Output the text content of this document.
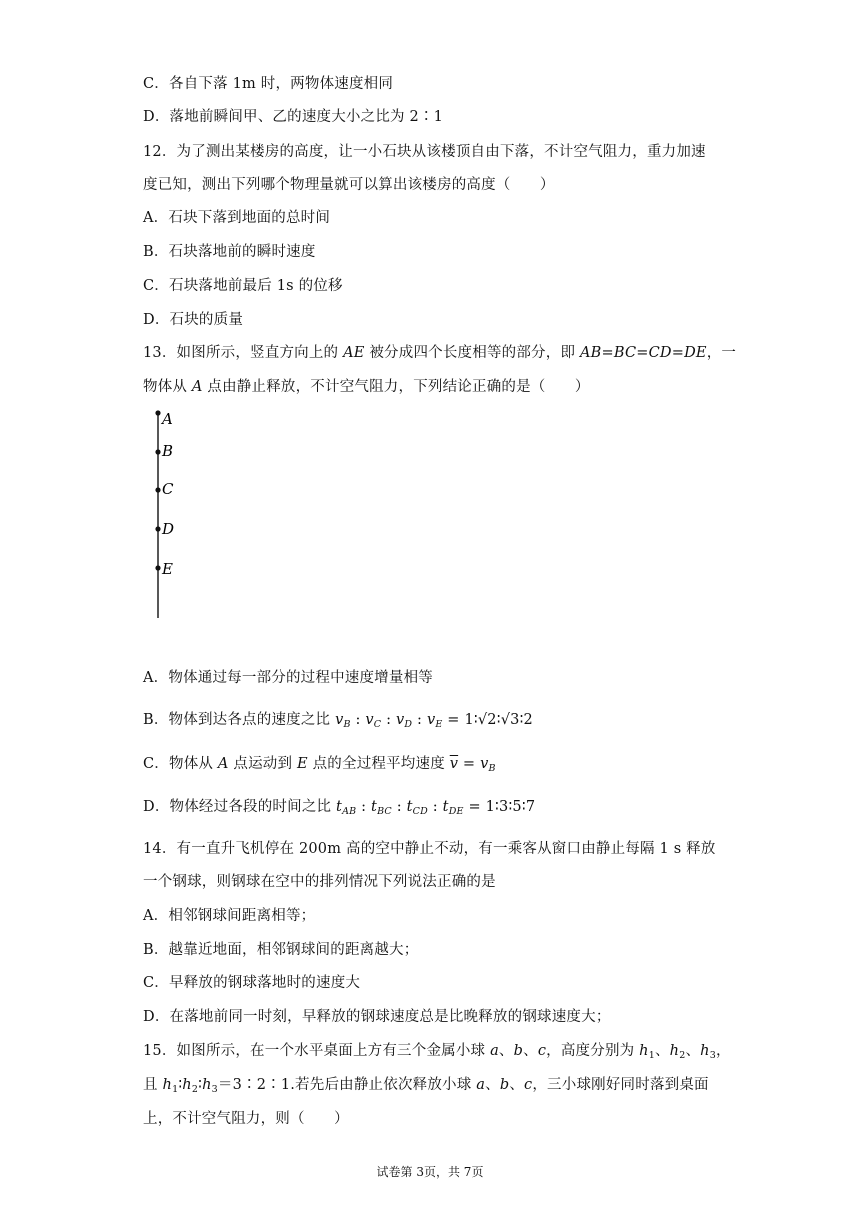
C．各自下落 1m 时，两物体速度相同
D．落地前瞬间甲、乙的速度大小之比为 2∶1
12．为了测出某楼房的高度，让一小石块从该楼顶自由下落，不计空气阻力，重力加速
度已知，测出下列哪个物理量就可以算出该楼房的高度（　　）
A．石块下落到地面的总时间
B．石块落地前的瞬时速度
C．石块落地前最后 1s 的位移
D．石块的质量
13．如图所示，竖直方向上的 AE 被分成四个长度相等的部分，即 AB=BC=CD=DE，一
物体从 A 点由静止释放，不计空气阻力，下列结论正确的是（　　）
A
B
C
D
E
A．物体通过每一部分的过程中速度增量相等
B．物体到达各点的速度之比 $v_B$ : $v_C$ : $v_D$ : $v_E$ = 1∶√2∶√3∶2
C．物体从 A 点运动到 E 点的全过程平均速度 $\overline{v} = v_B$
D．物体经过各段的时间之比 $t_{AB}$ : $t_{BC}$ : $t_{CD}$ : $t_{DE}$ = 1∶3∶5∶7
14．有一直升飞机停在 200m 高的空中静止不动，有一乘客从窗口由静止每隔 1 s 释放
一个钢球，则钢球在空中的排列情况下列说法正确的是
A．相邻钢球间距离相等；
B．越靠近地面，相邻钢球间的距离越大；
C．早释放的钢球落地时的速度大
D．在落地前同一时刻，早释放的钢球速度总是比晚释放的钢球速度大；
15．如图所示，在一个水平桌面上方有三个金属小球 a、b、c，高度分别为 $h_1$、$h_2$、$h_3$，
且 $h_1∶h_2∶h_3=3∶2∶1$.若先后由静止依次释放小球 a、b、c，三小球刚好同时落到桌面
上，不计空气阻力，则（　　）
试卷第 3页，共 7页
